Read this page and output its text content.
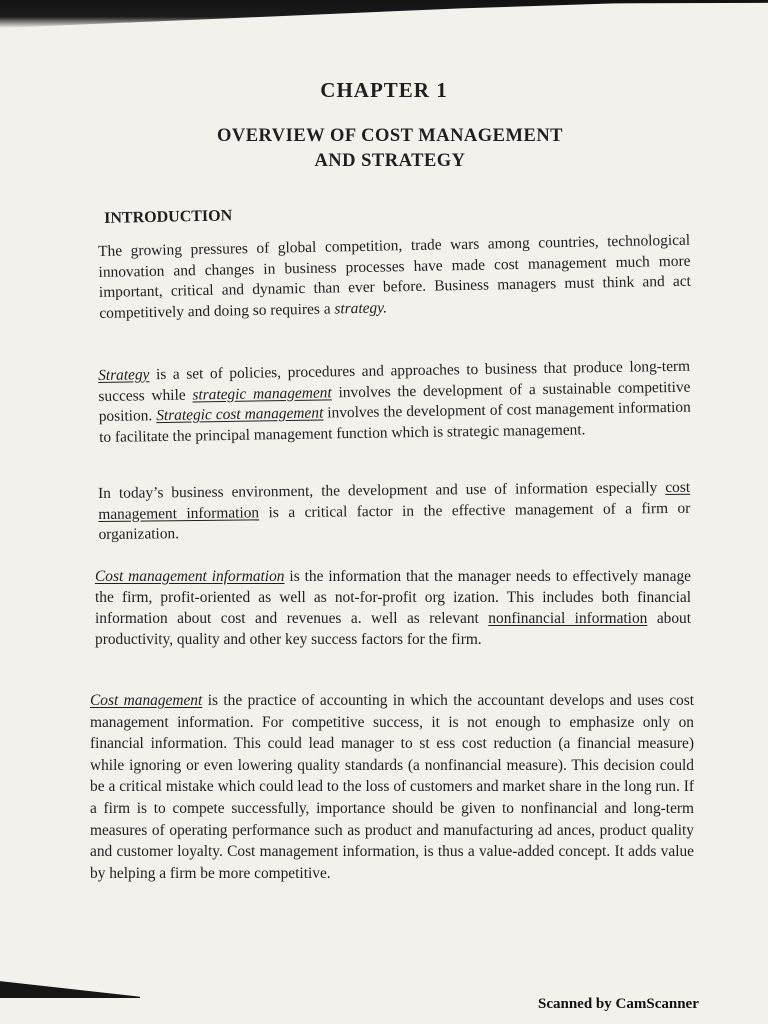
CHAPTER 1
OVERVIEW OF COST MANAGEMENT
AND STRATEGY
INTRODUCTION
The growing pressures of global competition, trade wars among countries, technological innovation and changes in business processes have made cost management much more important, critical and dynamic than ever before. Business managers must think and act competitively and doing so requires a strategy.
Strategy is a set of policies, procedures and approaches to business that produce long-term success while strategic management involves the development of a sustainable competitive position. Strategic cost management involves the development of cost management information to facilitate the principal management function which is strategic management.
In today’s business environment, the development and use of information especially cost management information is a critical factor in the effective management of a firm or organization.
Cost management information is the information that the manager needs to effectively manage the firm, profit-oriented as well as not-for-profit org ization. This includes both financial information about cost and revenues a. well as relevant nonfinancial information about productivity, quality and other key success factors for the firm.
Cost management is the practice of accounting in which the accountant develops and uses cost management information. For competitive success, it is not enough to emphasize only on financial information. This could lead manager to st ess cost reduction (a financial measure) while ignoring or even lowering quality standards (a nonfinancial measure). This decision could be a critical mistake which could lead to the loss of customers and market share in the long run. If a firm is to compete successfully, importance should be given to nonfinancial and long-term measures of operating performance such as product and manufacturing ad ances, product quality and customer loyalty. Cost management information, is thus a value-added concept. It adds value by helping a firm be more competitive.
Scanned by CamScanner
